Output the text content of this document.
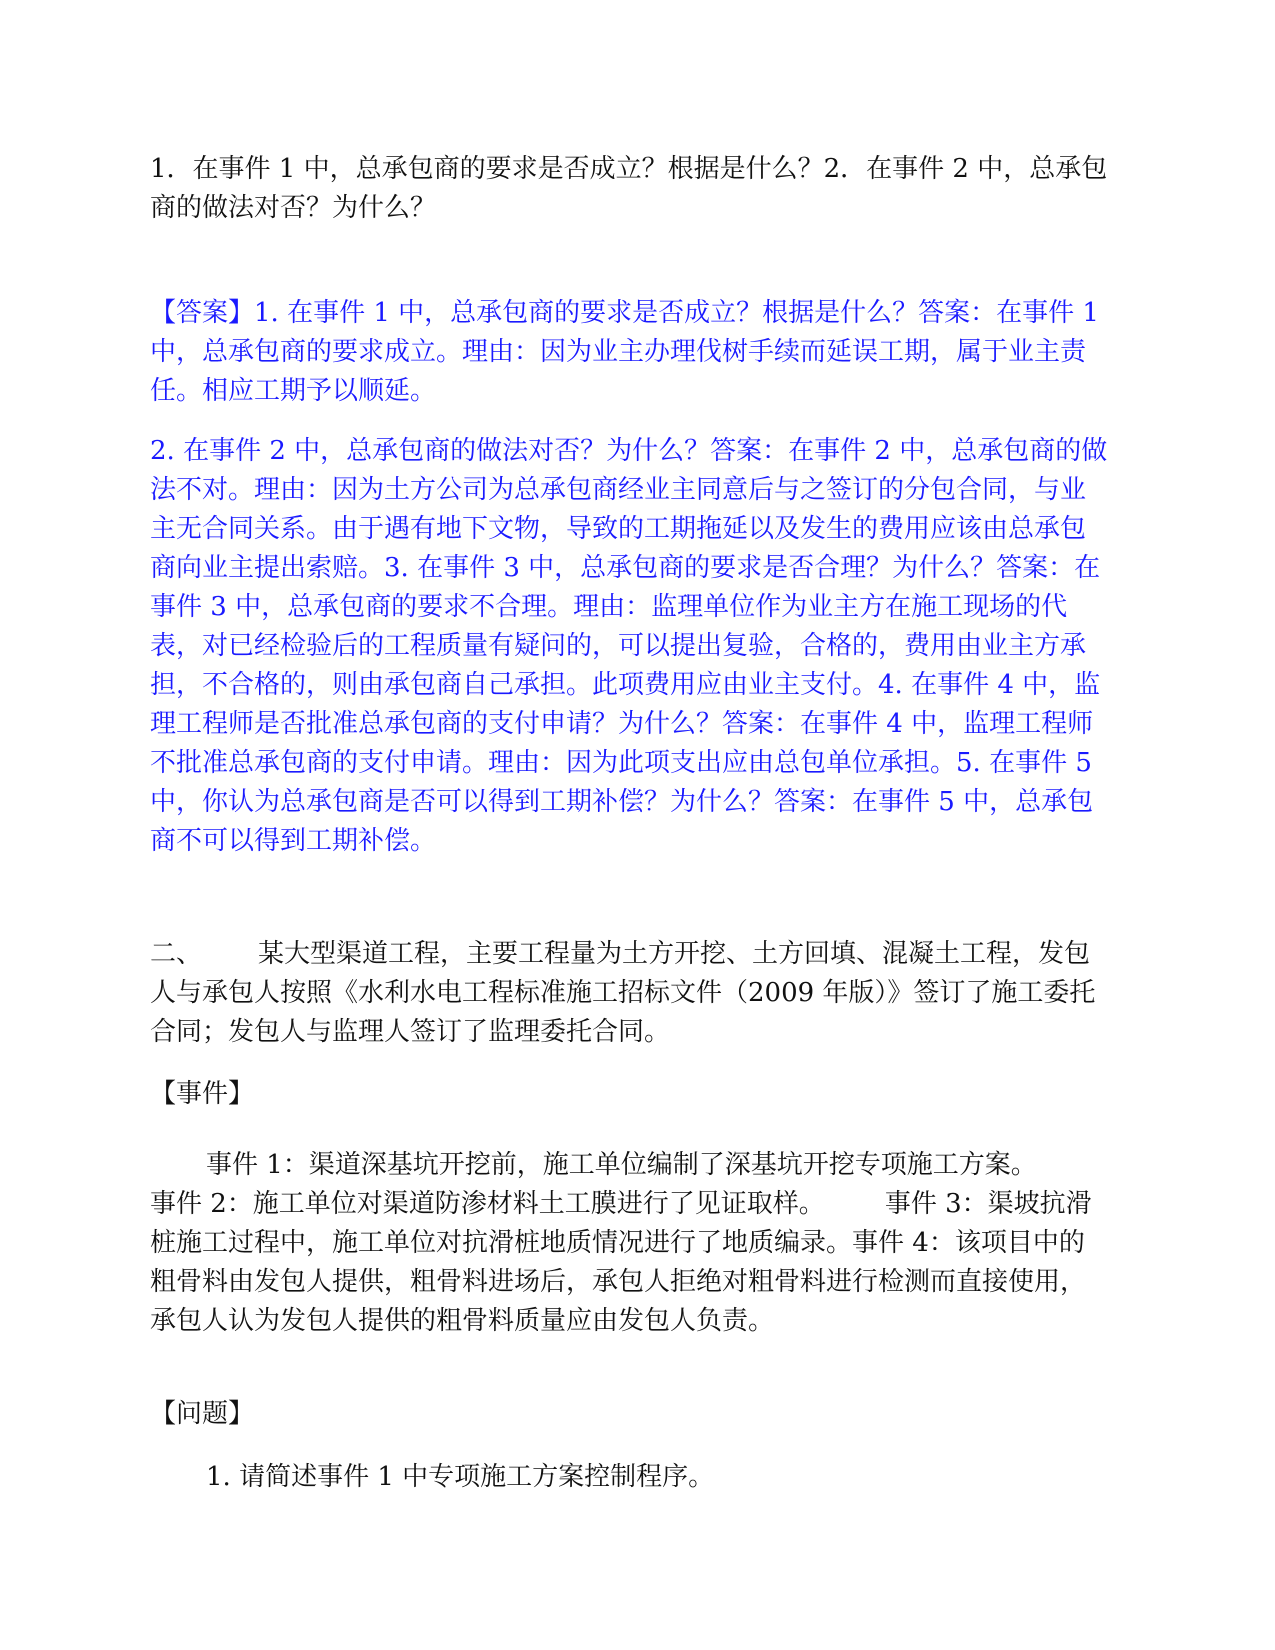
1．在事件 1 中，总承包商的要求是否成立？根据是什么？2．在事件 2 中，总承包商的做法对否？为什么？

【答案】1. 在事件 1 中，总承包商的要求是否成立？根据是什么？答案：在事件 1 中，总承包商的要求成立。理由：因为业主办理伐树手续而延误工期，属于业主责任。相应工期予以顺延。

2. 在事件 2 中，总承包商的做法对否？为什么？答案：在事件 2 中，总承包商的做法不对。理由：因为土方公司为总承包商经业主同意后与之签订的分包合同，与业主无合同关系。由于遇有地下文物，导致的工期拖延以及发生的费用应该由总承包商向业主提出索赔。3. 在事件 3 中，总承包商的要求是否合理？为什么？答案：在事件 3 中，总承包商的要求不合理。理由：监理单位作为业主方在施工现场的代表，对已经检验后的工程质量有疑问的，可以提出复验，合格的，费用由业主方承担，不合格的，则由承包商自己承担。此项费用应由业主支付。4. 在事件 4 中，监理工程师是否批准总承包商的支付申请？为什么？答案：在事件 4 中，监理工程师不批准总承包商的支付申请。理由：因为此项支出应由总包单位承担。5. 在事件 5 中，你认为总承包商是否可以得到工期补偿？为什么？答案：在事件 5 中，总承包商不可以得到工期补偿。

二、 某大型渠道工程，主要工程量为土方开挖、土方回填、混凝土工程，发包人与承包人按照《水利水电工程标准施工招标文件（2009 年版）》签订了施工委托合同；发包人与监理人签订了监理委托合同。

【事件】

事件 1：渠道深基坑开挖前，施工单位编制了深基坑开挖专项施工方案。事件 2：施工单位对渠道防渗材料土工膜进行了见证取样。 事件 3：渠坡抗滑桩施工过程中，施工单位对抗滑桩地质情况进行了地质编录。事件 4：该项目中的粗骨料由发包人提供，粗骨料进场后，承包人拒绝对粗骨料进行检测而直接使用，承包人认为发包人提供的粗骨料质量应由发包人负责。

【问题】

1. 请简述事件 1 中专项施工方案控制程序。
